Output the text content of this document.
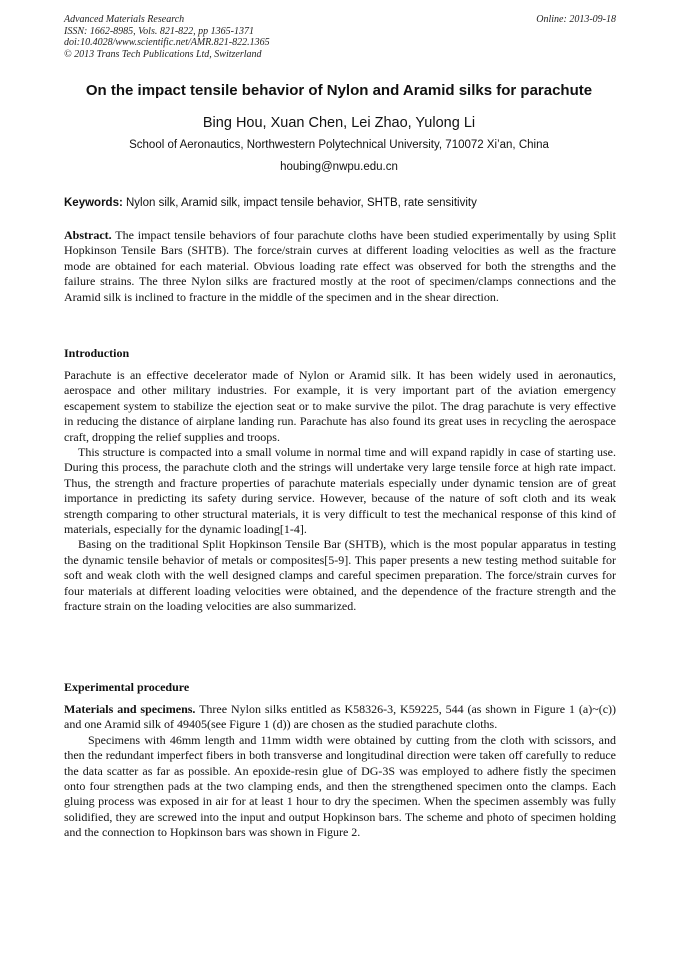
Advanced Materials Research
ISSN: 1662-8985, Vols. 821-822, pp 1365-1371
doi:10.4028/www.scientific.net/AMR.821-822.1365
© 2013 Trans Tech Publications Ltd, Switzerland
Online: 2013-09-18
On the impact tensile behavior of Nylon and Aramid silks for parachute
Bing Hou, Xuan Chen, Lei Zhao, Yulong Li
School of Aeronautics, Northwestern Polytechnical University, 710072 Xi’an, China
houbing@nwpu.edu.cn
Keywords: Nylon silk, Aramid silk, impact tensile behavior, SHTB, rate sensitivity

Abstract. The impact tensile behaviors of four parachute cloths have been studied experimentally by using Split Hopkinson Tensile Bars (SHTB). The force/strain curves at different loading velocities as well as the fracture mode are obtained for each material. Obvious loading rate effect was observed for both the strengths and the failure strains. The three Nylon silks are fractured mostly at the root of specimen/clamps connections and the Aramid silk is inclined to fracture in the middle of the specimen and in the shear direction.

Introduction

Parachute is an effective decelerator made of Nylon or Aramid silk. It has been widely used in aeronautics, aerospace and other military industries. For example, it is very important part of the aviation emergency escapement system to stabilize the ejection seat or to make survive the pilot. The drag parachute is very effective in reducing the distance of airplane landing run. Parachute has also found its great uses in recycling the aerospace craft, dropping the relief supplies and troops.

This structure is compacted into a small volume in normal time and will expand rapidly in case of starting use. During this process, the parachute cloth and the strings will undertake very large tensile force at high rate impact. Thus, the strength and fracture properties of parachute materials especially under dynamic tension are of great importance in predicting its safety during service. However, because of the nature of soft cloth and its weak strength comparing to other structural materials, it is very difficult to test the mechanical response of this kind of materials, especially for the dynamic loading[1-4].

Basing on the traditional Split Hopkinson Tensile Bar (SHTB), which is the most popular apparatus in testing the dynamic tensile behavior of metals or composites[5-9]. This paper presents a new testing method suitable for soft and weak cloth with the well designed clamps and careful specimen preparation. The force/strain curves for four materials at different loading velocities were obtained, and the dependence of the fracture strength and the fracture strain on the loading velocities are also summarized.

Experimental procedure

Materials and specimens. Three Nylon silks entitled as K58326-3, K59225, 544 (as shown in Figure 1 (a)~(c)) and one Aramid silk of 49405(see Figure 1 (d)) are chosen as the studied parachute cloths.

Specimens with 46mm length and 11mm width were obtained by cutting from the cloth with scissors, and then the redundant imperfect fibers in both transverse and longitudinal direction were taken off carefully to reduce the data scatter as far as possible. An epoxide-resin glue of DG-3S was employed to adhere fistly the specimen onto four strengthen pads at the two clamping ends, and then the strengthened specimen onto the clamps. Each gluing process was exposed in air for at least 1 hour to dry the specimen. When the specimen assembly was fully solidified, they are screwed into the input and output Hopkinson bars. The scheme and photo of specimen holding and the connection to Hopkinson bars was shown in Figure 2.
